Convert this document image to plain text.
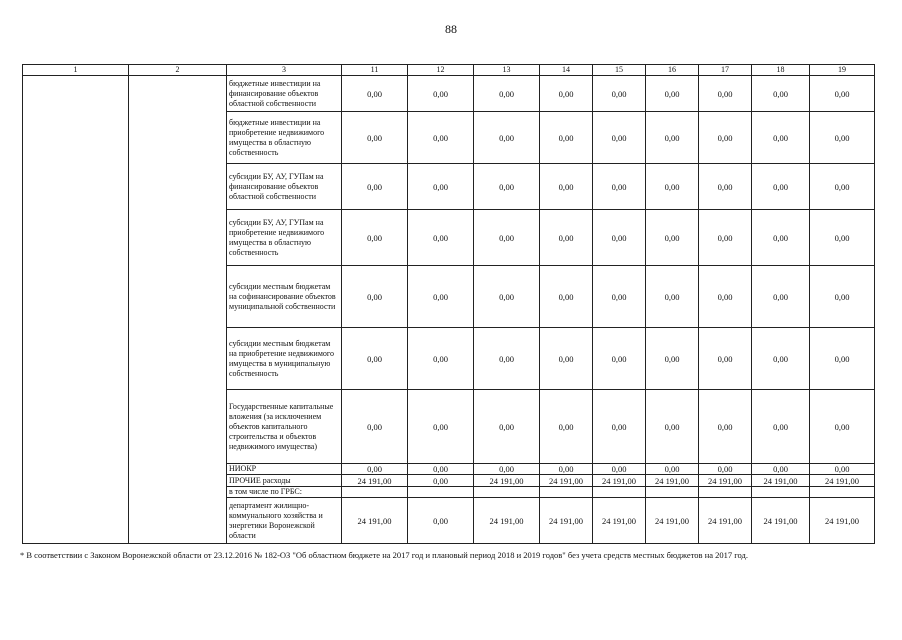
88
1	2	3	11	12	13	14	15	16	17	18	19
		бюджетные инвестиции на финансирование объектов областной собственности	0,00	0,00	0,00	0,00	0,00	0,00	0,00	0,00	0,00
		бюджетные инвестиции на приобретение недвижимого имущества в областную собственность	0,00	0,00	0,00	0,00	0,00	0,00	0,00	0,00	0,00
		субсидии БУ, АУ, ГУПам на финансирование объектов областной собственности	0,00	0,00	0,00	0,00	0,00	0,00	0,00	0,00	0,00
		субсидии БУ, АУ, ГУПам на приобретение недвижимого имущества в областную собственность	0,00	0,00	0,00	0,00	0,00	0,00	0,00	0,00	0,00
		субсидии местным бюджетам на софинансирование объектов муниципальной собственности	0,00	0,00	0,00	0,00	0,00	0,00	0,00	0,00	0,00
		субсидии местным бюджетам на приобретение недвижимого имущества в муниципальную собственность	0,00	0,00	0,00	0,00	0,00	0,00	0,00	0,00	0,00
		Государственные капитальные вложения (за исключением объектов капитального строительства и объектов недвижимого имущества)	0,00	0,00	0,00	0,00	0,00	0,00	0,00	0,00	0,00
		НИОКР	0,00	0,00	0,00	0,00	0,00	0,00	0,00	0,00	0,00
		ПРОЧИЕ расходы	24 191,00	0,00	24 191,00	24 191,00	24 191,00	24 191,00	24 191,00	24 191,00	24 191,00
		в том числе по ГРБС:									
		департамент жилищно-коммунального хозяйства и энергетики Воронежской области	24 191,00	0,00	24 191,00	24 191,00	24 191,00	24 191,00	24 191,00	24 191,00	24 191,00
* В соответствии с Законом Воронежской области от 23.12.2016 № 182-ОЗ "Об областном бюджете на 2017 год и плановый период 2018 и 2019 годов" без учета средств местных бюджетов на 2017 год.
